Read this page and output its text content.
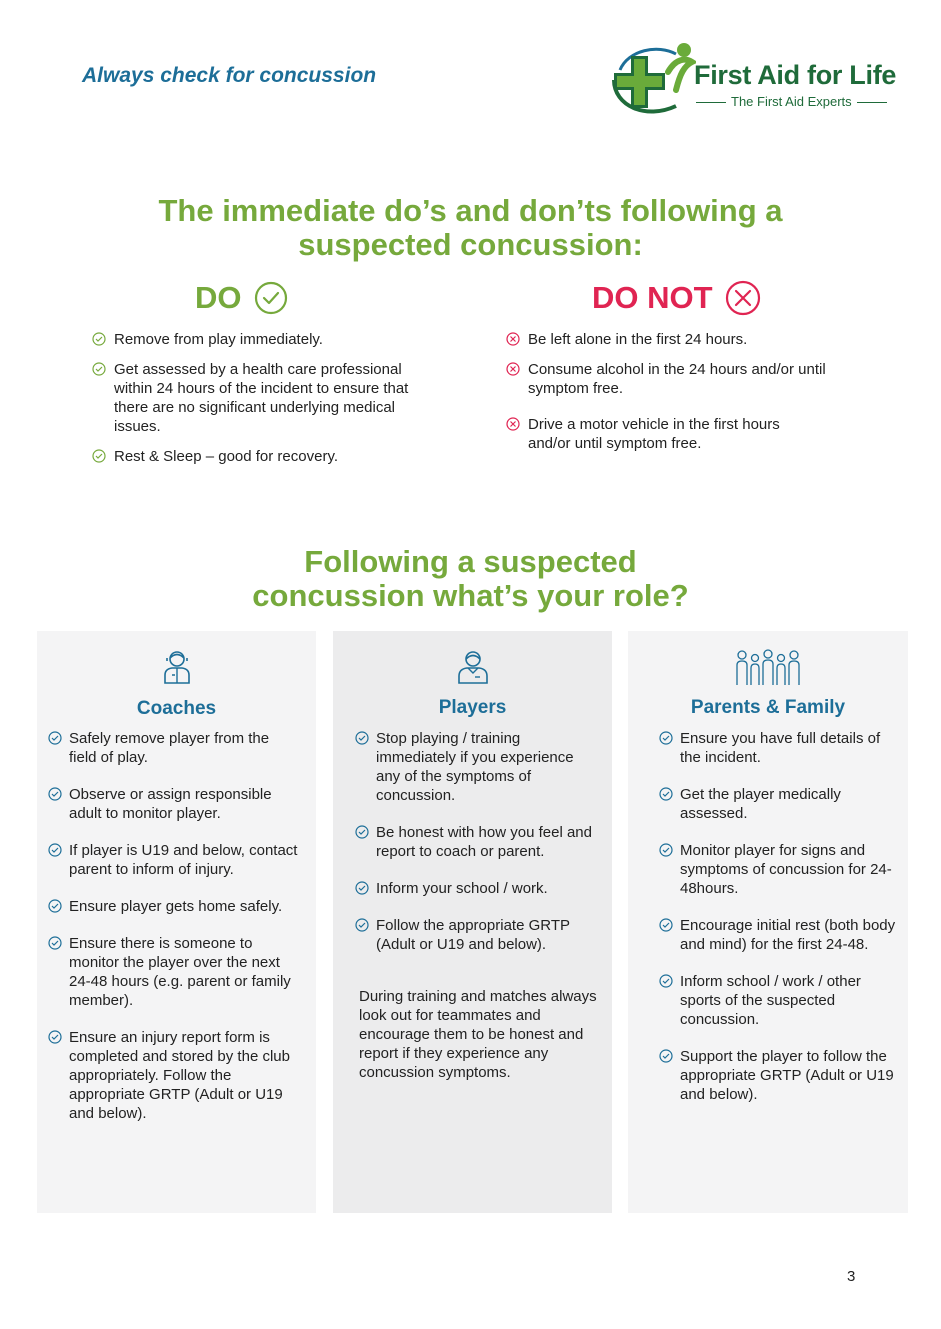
Always check for concussion	First Aid for Life
The First Aid Experts
The immediate do’s and don’ts following a
suspected concussion:
DO	DO NOT
Remove from play immediately.
Get assessed by a health care professional within 24 hours of the incident to ensure that there are no significant underlying medical issues.
Rest & Sleep – good for recovery.
Be left alone in the first 24 hours.
Consume alcohol in the 24 hours and/or until symptom free.
Drive a motor vehicle in the first hours and/or until symptom free.
Following a suspected
concussion what’s your role?
Coaches
Safely remove player from the field of play.
Observe or assign responsible adult to monitor player.
If player is U19 and below, contact parent to inform of injury.
Ensure player gets home safely.
Ensure there is someone to monitor the player over the next 24-48 hours (e.g. parent or family member).
Ensure an injury report form is completed and stored by the club appropriately. Follow the appropriate GRTP (Adult or U19 and below).
Players
Stop playing / training immediately if you experience any of the symptoms of concussion.
Be honest with how you feel and report to coach or parent.
Inform your school / work.
Follow the appropriate GRTP (Adult or U19 and below).
During training and matches always look out for teammates and encourage them to be honest and report if they experience any concussion symptoms.
Parents & Family
Ensure you have full details of the incident.
Get the player medically assessed.
Monitor player for signs and symptoms of concussion for 24-48hours.
Encourage initial rest (both body and mind) for the first 24-48.
Inform school / work / other sports of the suspected concussion.
Support the player to follow the appropriate GRTP (Adult or U19 and below).
3
